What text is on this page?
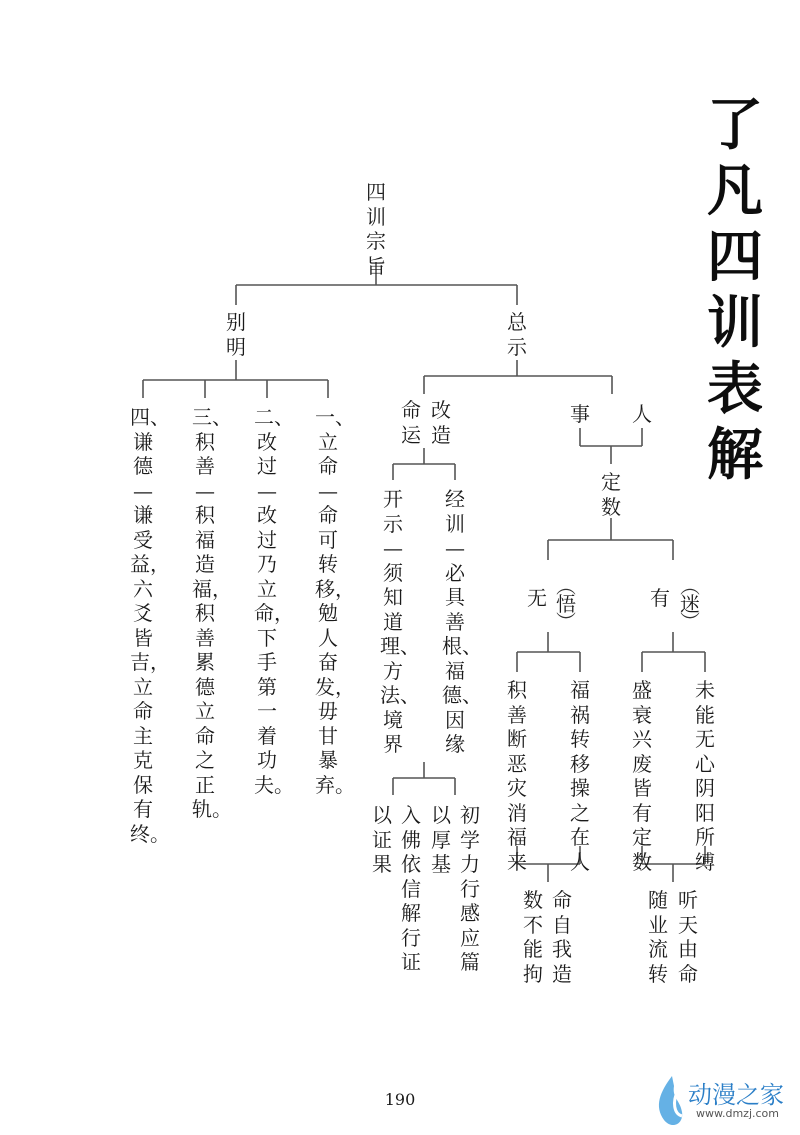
了
凡
四
训
表
解
四训宗旨
别明
总示
一、立命—命可转移，勉人奋发，毋甘暴弃。
二、改过—改过乃立命，下手第一着功夫。
三、积善—积福造福，积善累德立命之正轨。
四、谦德—谦受益，六爻皆吉，立命主克保有终。
改造
命运
经训—必具善根、福德、因缘
开示—须知道理、方法、境界
初学力行感应篇
以厚基
入佛依信解行证
以证果
事 人
定数
无 ︵
悟
︶
有 ︵
迷
︶
福祸转移操之在人
积善断恶灾消福来
命自我造
数不能拘
未能无心阴阳所缚
盛衰兴废皆有定数
听天由命
随业流转
190	动漫之家
www.dmzj.com
